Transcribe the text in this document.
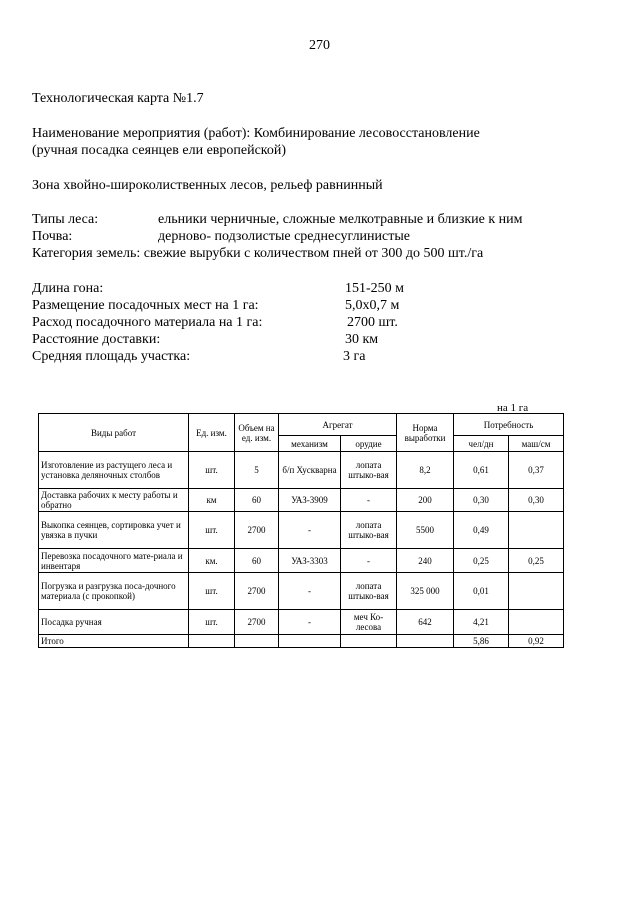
270
Технологическая карта №1.7
Наименование мероприятия (работ): Комбинирование лесовосстановление
(ручная посадка сеянцев ели европейской)
Зона хвойно-широколиственных лесов, рельеф равнинный
Типы леса:	ельники черничные, сложные мелкотравные и близкие к ним
Почва:	дерново- подзолистые среднесуглинистые
Категория земель: свежие вырубки с количеством пней от 300 до 500 шт./га
Длина гона:	151-250 м
Размещение посадочных мест на 1 га:	5,0х0,7 м
Расход посадочного материала на 1 га:	2700 шт.
Расстояние доставки:	30 км
Средняя площадь участка:	3 га
на 1 га
Виды работ	Ед. изм.	Объем на ед. изм.	Агрегат		Норма выработки	Потребность	
			механизм	орудие		чел/дн	маш/см
Изготовление из растущего леса и установка деляночных столбов	шт.	5	б/п Хускварна	лопата штыко-вая	8,2	0,61	0,37
Доставка рабочих к месту работы и обратно	км	60	УАЗ-3909	-	200	0,30	0,30
Выкопка сеянцев, сортировка учет и увязка в пучки	шт.	2700	-	лопата штыко-вая	5500	0,49	
Перевозка посадочного мате-риала и инвентаря	км.	60	УАЗ-3303	-	240	0,25	0,25
Погрузка и разгрузка поса-дочного материала (с прокопкой)	шт.	2700	-	лопата штыко-вая	325 000	0,01	
Посадка ручная	шт.	2700	-	меч Ко-лесова	642	4,21	
Итого						5,86	0,92
